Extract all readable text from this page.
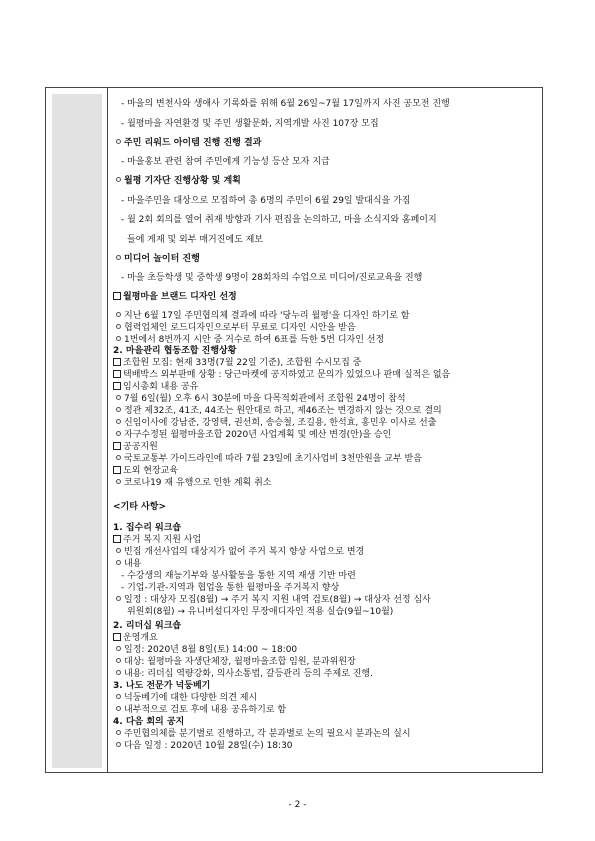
- 마을의 변천사와 생애사 기록화를 위해 6월 26일~7월 17일까지 사진 공모전 진행
- 월평마을 자연환경 및 주민 생활문화, 지역개발 사진 107장 모집
주민 리워드 아이템 진행 진행 결과
- 마을홍보 관련 참여 주민에게 기능성 등산 모자 지급
월평 기자단 진행상황 및 계획
- 마을주민을 대상으로 모집하여 총 6명의 주민이 6월 29일 발대식을 가짐
- 월 2회 회의를 열어 취재 방향과 기사 편집을 논의하고, 마을 소식지와 홈페이지
들에 게재 및 외부 매거진에도 제보
미디어 놀이터 진행
- 마을 초등학생 및 중학생 9명이 28회차의 수업으로 미디어/진로교육을 진행
월평마을 브랜드 디자인 선정
지난 6월 17일 주민협의체 결과에 따라 '당누리 월평'을 디자인 하기로 함
협력업체인 로드디자인으로부터 무료로 디자인 시안을 받음
1번에서 8번까지 시안 중 거수로 하여 6표를 득한 5번 디자인 선정
2. 마을관리 협동조합 진행상황
조합원 모집: 현재 33명(7월 22일 기준), 조합원 수시모집 중
택배박스 외부판매 상황 : 당근마켓에 공지하였고 문의가 있었으나 판매 실적은 없음
임시총회 내용 공유
7월 6일(월) 오후 6시 30분에 마을 다목적회관에서 조합원 24명이 참석
정관 제32조, 41조, 44조는 원안대로 하고, 제46조는 변경하지 않는 것으로 결의
신임이사에 강남준, 강영택, 권선희, 송승철, 조길용, 한석효, 홍민우 이사로 선출
자구수정된 월평마을조합 2020년 사업계획 및 예산 변경(안)을 승인
공공지원
국토교통부 가이드라인에 따라 7월 23일에 초기사업비 3천만원을 교부 받음
도외 현장교육
코로나19 재 유행으로 인한 계획 취소
<기타 사항>
1. 집수리 워크숍
주거 복지 지원 사업
빈집 개선사업의 대상지가 없어 주거 복지 향상 사업으로 변경
내용
- 수강생의 재능기부와 봉사활동을 통한 지역 재생 기반 마련
- 기업-기관-지역과 협업을 통한 월평마을 주거복지 향상
일정 : 대상자 모집(8월) → 주거 복지 지원 내역 검토(8월) → 대상자 선정 심사
위원회(8월) → 유니버설디자인 무장애디자인 적용 실습(9월~10월)
2. 리더십 워크숍
운영개요
일정: 2020년 8월 8일(토) 14:00 ~ 18:00
대상: 월평마을 자생단체장, 월평마을조합 임원, 분과위원장
내용: 리더십 역량강화, 의사소통법, 갈등관리 등의 주제로 진행.
3. 나도 전문가 넉둥베기
넉둥베기에 대한 다양한 의견 제시
내부적으로 검토 후에 내용 공유하기로 함
4. 다음 회의 공지
주민협의체를 분기별로 진행하고, 각 분과별로 논의 필요시 분과논의 실시
다음 일정 : 2020년 10월 28일(수) 18:30
- 2 -
